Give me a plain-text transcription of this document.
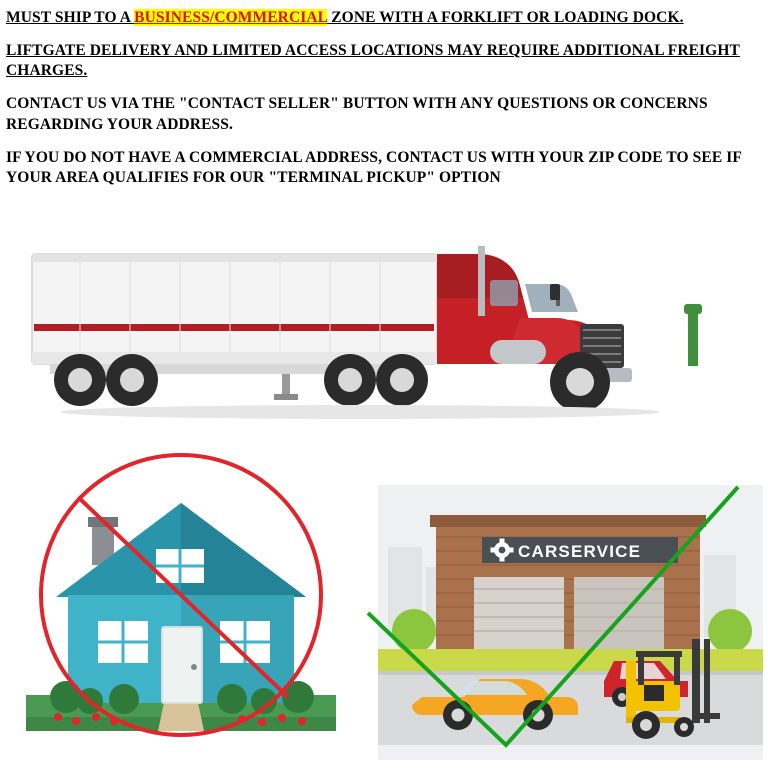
MUST SHIP TO A BUSINESS/COMMERCIAL ZONE WITH A FORKLIFT OR LOADING DOCK.

LIFTGATE DELIVERY AND LIMITED ACCESS LOCATIONS MAY REQUIRE ADDITIONAL FREIGHT CHARGES.

CONTACT US VIA THE "CONTACT SELLER" BUTTON WITH ANY QUESTIONS OR CONCERNS REGARDING YOUR ADDRESS.

IF YOU DO NOT HAVE A COMMERCIAL ADDRESS, CONTACT US WITH YOUR ZIP CODE TO SEE IF YOUR AREA QUALIFIES FOR OUR "TERMINAL PICKUP" OPTION

CARSERVICE
